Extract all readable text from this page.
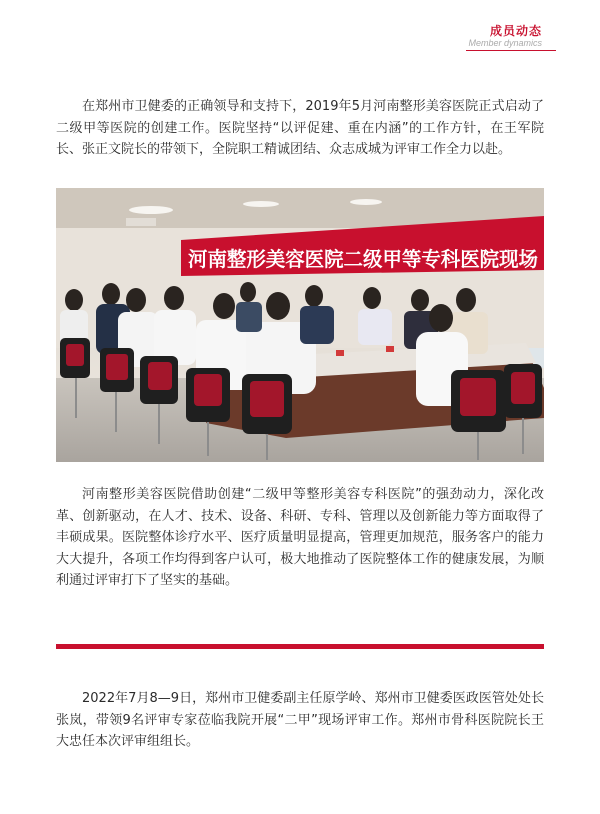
成员动态
Member dynamics

在郑州市卫健委的正确领导和支持下，2019年5月河南整形美容医院正式启动了二级甲等医院的创建工作。医院坚持“以评促建、重在内涵”的工作方针，在王军院长、张正文院长的带领下，全院职工精诚团结、众志成城为评审工作全力以赴。

河南整形美容医院二级甲等专科医院现场

河南整形美容医院借助创建“二级甲等整形美容专科医院”的强劲动力，深化改革、创新驱动，在人才、技术、设备、科研、专科、管理以及创新能力等方面取得了丰硕成果。医院整体诊疗水平、医疗质量明显提高，管理更加规范，服务客户的能力大大提升，各项工作均得到客户认可，极大地推动了医院整体工作的健康发展，为顺利通过评审打下了坚实的基础。

2022年7月8—9日，郑州市卫健委副主任原学岭、郑州市卫健委医政医管处处长张岚，带领9名评审专家莅临我院开展“二甲”现场评审工作。郑州市骨科医院院长王大忠任本次评审组组长。
